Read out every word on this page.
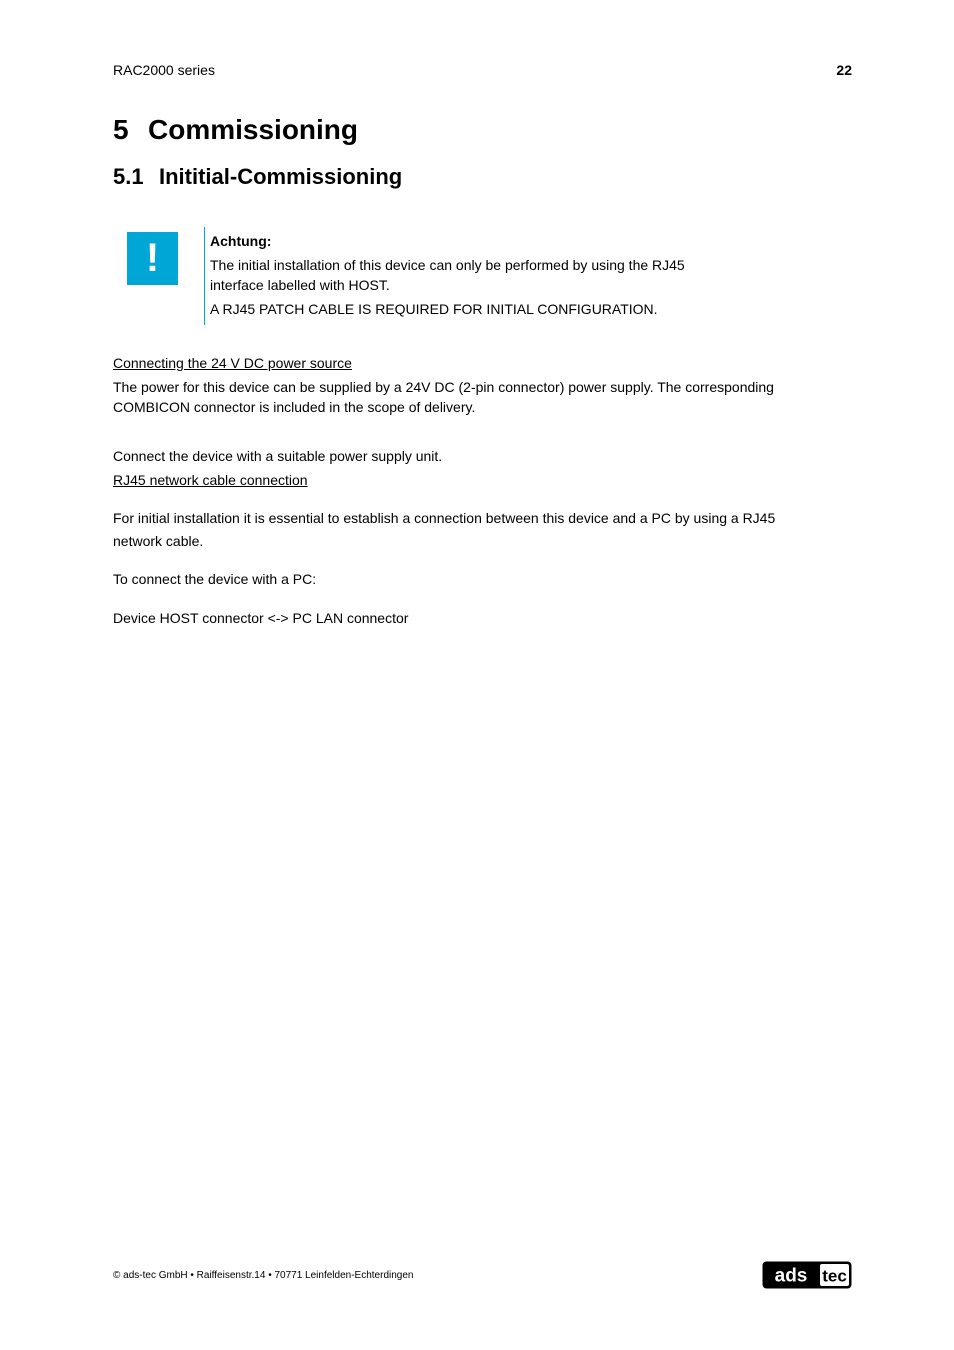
RAC2000 series	22
5 Commissioning
5.1 Inititial-Commissioning
!	Achtung:
The initial installation of this device can only be performed by using the RJ45
interface labelled with HOST.
A RJ45 PATCH CABLE IS REQUIRED FOR INITIAL CONFIGURATION.
Connecting the 24 V DC power source
The power for this device can be supplied by a 24V DC (2-pin connector) power supply. The corresponding
COMBICON connector is included in the scope of delivery.
Connect the device with a suitable power supply unit.
RJ45 network cable connection
For initial installation it is essential to establish a connection between this device and a PC by using a RJ45
network cable.
To connect the device with a PC:
Device HOST connector <-> PC LAN connector
© ads-tec GmbH • Raiffeisenstr.14 • 70771 Leinfelden-Echterdingen	ads tec
